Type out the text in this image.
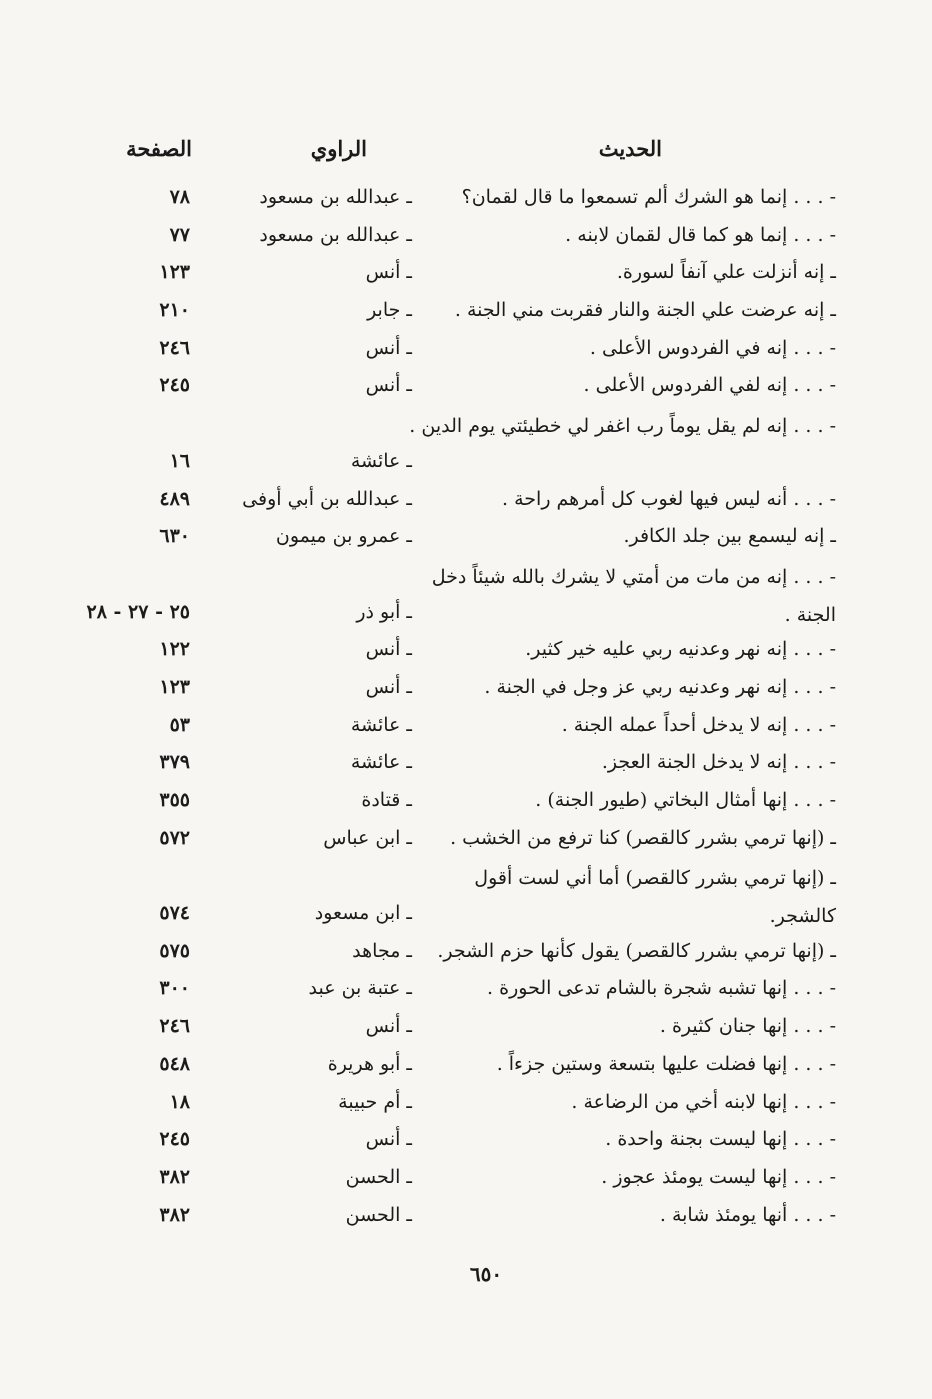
الحديث
الراوي
الصفحة
- . . . إنما هو الشرك ألم تسمعوا ما قال لقمان؟
ـ عبدالله بن مسعود
٧٨
- . . . إنما هو كما قال لقمان لابنه .
ـ عبدالله بن مسعود
٧٧
ـ إنه أنزلت علي آنفاً لسورة.
ـ أنس
١٢٣
ـ إنه عرضت علي الجنة والنار فقربت مني الجنة .
ـ جابر
٢١٠
- . . . إنه في الفردوس الأعلى .
ـ أنس
٢٤٦
- . . . إنه لفي الفردوس الأعلى .
ـ أنس
٢٤٥
- . . . إنه لم يقل يوماً رب اغفر لي خطيئتي يوم الدين .
ـ عائشة
١٦
- . . . أنه ليس فيها لغوب كل أمرهم راحة .
ـ عبدالله بن أبي أوفى
٤٨٩
ـ إنه ليسمع بين جلد الكافر.
ـ عمرو بن ميمون
٦٣٠
- . . . إنه من مات من أمتي لا يشرك بالله شيئاً دخل الجنة .
ـ أبو ذر
٢٥ - ٢٧ - ٢٨
- . . . إنه نهر وعدنيه ربي عليه خير كثير.
ـ أنس
١٢٢
- . . . إنه نهر وعدنيه ربي عز وجل في الجنة .
ـ أنس
١٢٣
- . . . إنه لا يدخل أحداً عمله الجنة .
ـ عائشة
٥٣
- . . . إنه لا يدخل الجنة العجز.
ـ عائشة
٣٧٩
- . . . إنها أمثال البخاتي (طيور الجنة) .
ـ قتادة
٣٥٥
ـ (إنها ترمي بشرر كالقصر) كنا ترفع من الخشب .
ـ ابن عباس
٥٧٢
ـ (إنها ترمي بشرر كالقصر) أما أني لست أقول كالشجر.
ـ ابن مسعود
٥٧٤
ـ (إنها ترمي بشرر كالقصر) يقول كأنها حزم الشجر.
ـ مجاهد
٥٧٥
- . . . إنها تشبه شجرة بالشام تدعى الحورة .
ـ عتبة بن عبد
٣٠٠
- . . . إنها جنان كثيرة .
ـ أنس
٢٤٦
- . . . إنها فضلت عليها بتسعة وستين جزءاً .
ـ أبو هريرة
٥٤٨
- . . . إنها لابنه أخي من الرضاعة .
ـ أم حبيبة
١٨
- . . . إنها ليست بجنة واحدة .
ـ أنس
٢٤٥
- . . . إنها ليست يومئذ عجوز .
ـ الحسن
٣٨٢
- . . . أنها يومئذ شابة .
ـ الحسن
٣٨٢
٦٥٠
